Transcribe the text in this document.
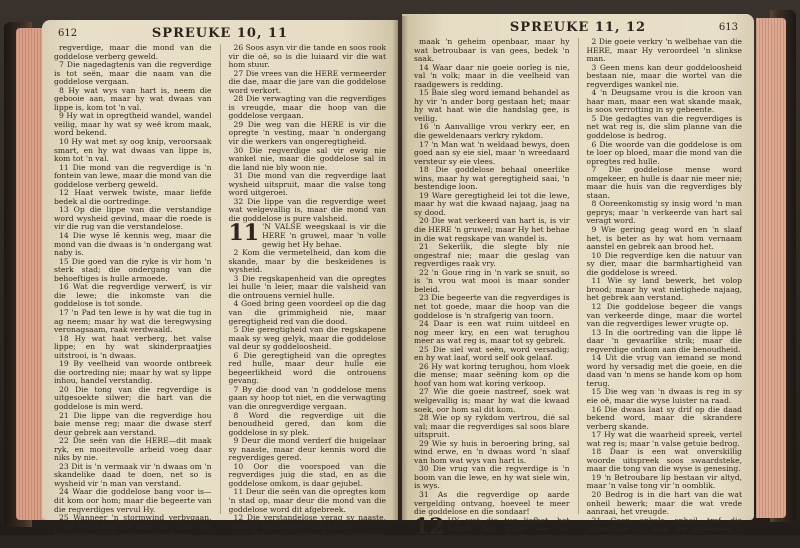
612	SPREUKE 10, 11

regverdige, maar die mond van die goddelose verberg geweld.

7 Die nagedagtenis van die regverdige is tot seën, maar die naam van die goddelose vergaan.

8 Hy wat wys van hart is, neem die gebooie aan, maar hy wat dwaas van lippe is, kom tot 'n val.

9 Hy wat in opregtheid wandel, wandel veilig, maar hy wat sy weë krom maak, word bekend.

10 Hy wat met sy oog knip, veroorsaak smart, en hy wat dwaas van lippe is, kom tot 'n val.

11 Die mond van die regverdige is 'n fontein van lewe, maar die mond van die goddelose verberg geweld.

12 Haat verwek twiste, maar liefde bedek al die oortredinge.

13 Op die lippe van die verstandige word wysheid gevind, maar die roede is vir die rug van die verstandelose.

14 Die wyse lê kennis weg, maar die mond van die dwaas is 'n ondergang wat naby is.

15 Die goed van die ryke is vir hom 'n sterk stad; die ondergang van die behoeftiges is hulle armoede.

16 Wat die regverdige verwerf, is vir die lewe; die inkomste van die goddelose is tot sonde.

17 'n Pad ten lewe is hy wat die tug in ag neem; maar hy wat die teregwysing veronagsaam, raak verdwaald.

18 Hy wat haat verberg, het valse lippe; en hy wat skinderpraatjies uitstrooi, is 'n dwaas.

19 By veelheid van woorde ontbreek die oortreding nie; maar hy wat sy lippe inhou, handel verstandig.

20 Die tong van die regverdige is uitgesoekte silwer; die hart van die goddelose is min werd.

21 Die lippe van die regverdige hou baie mense reg; maar die dwase sterf deur gebrek aan verstand.

22 Die seën van die HERE—dit maak ryk, en moeitevolle arbeid voeg daar niks by nie.

23 Dit is 'n vermaak vir 'n dwaas om 'n skandelike daad te doen, net so is wysheid vir 'n man van verstand.

24 Waar die goddelose bang voor is—dit kom oor hom; maar die begeerte van die regverdiges vervul Hy.

25 Wanneer 'n stormwind verbygaan, is die goddelose nie meer nie; maar die regverdige is vir ewig gegrondves.

26 Soos asyn vir die tande en soos rook vir die oë, so is die luiaard vir die wat hom stuur.

27 Die vrees van die HERE vermeerder die dae, maar die jare van die goddelose word verkort.

28 Die verwagting van die regverdiges is vreugde, maar die hoop van die goddelose vergaan.

29 Die weg van die HERE is vir die opregte 'n vesting, maar 'n ondergang vir die werkers van ongeregtigheid.

30 Die regverdige sal vir ewig nie wankel nie, maar die goddelose sal in die land nie bly woon nie.

31 Die mond van die regverdige laat wysheid uitspruit, maar die valse tong word uitgeroei.

32 Die lippe van die regverdige weet wat welgevallig is, maar die mond van die goddelose is pure valsheid.

11 'N VALSE weegskaal is vir die HERE 'n gruwel, maar 'n volle gewig het Hy behae.

2 Kom die vermetelheid, dan kom die skande, maar by die beskeidenes is wysheid.

3 Die regskapenheid van die opregtes lei hulle 'n leier, maar die valsheid van die ontrouens verniel hulle.

4 Goed bring geen voordeel op die dag van die grimmigheid nie, maar geregtigheid red van die dood.

5 Die geregtigheid van die regskapene maak sy weg gelyk, maar die goddelose val deur sy goddeloosheid.

6 Die geregtigheid van die opregtes red hulle, maar deur hulle eie begeerlikheid word die ontrouens gevang.

7 By die dood van 'n goddelose mens gaan sy hoop tot niet, en die verwagting van die onregverdige vergaan.

8 Word die regverdige uit die benoudheid gered, dan kom die goddelose in sy plek.

9 Deur die mond verderf die huigelaar sy naaste, maar deur kennis word die regverdiges gered.

10 Oor die voorspoed van die regverdiges juig die stad, en as die goddelose omkom, is daar gejubel.

11 Deur die seën van die opregtes kom 'n stad op, maar deur die mond van die goddelose word dit afgebreek.

12 Die verstandelose verag sy naaste, maar 'n verstandige man bly stil.

13 Die wat met kwaadspreekery omgaan

SPREUKE 11, 12	613

maak 'n geheim openbaar, maar hy wat betroubaar is van gees, bedek 'n saak.

14 Waar daar nie goeie oorleg is nie, val 'n volk; maar in die veelheid van raadgewers is redding.

15 Baie sleg word iemand behandel as hy vir 'n ander borg gestaan het; maar hy wat haat wie die handslag gee, is veilig.

16 'n Aanvallige vrou verkry eer, en die geweldenaars verkry rykdom.

17 'n Man wat 'n weldaad bewys, doen goed aan sy eie siel, maar 'n wreedaard versteur sy eie vlees.

18 Die goddelose behaal oneerlike wins, maar hy wat geregtigheid saai, 'n bestendige loon.

19 Ware geregtigheid lei tot die lewe, maar hy wat die kwaad najaag, jaag na sy dood.

20 Die wat verkeerd van hart is, is vir die HERE 'n gruwel; maar Hy het behae in die wat regskape van wandel is.

21 Sekerlik, die slegte bly nie ongestraf nie; maar die geslag van regverdiges raak vry.

22 'n Goue ring in 'n vark se snuit, so is 'n vrou wat mooi is maar sonder beleid.

23 Die begeerte van die regverdiges is net tot goede, maar die hoop van die goddelose is 'n strafgerig van toorn.

24 Daar is een wat ruim uitdeel en nog meer kry, en een wat terughou meer as wat reg is, maar tot sy gebrek.

25 Die siel wat seën, word versadig; en hy wat laaf, word self ook gelaaf.

26 Hy wat koring terughou, hom vloek die mense; maar seëning kom op die hoof van hom wat koring verkoop.

27 Wie die goeie nastreef, soek wat welgevallig is; maar hy wat die kwaad soek, oor hom sal dit kom.

28 Wie op sy rykdom vertrou, dié sal val; maar die regverdiges sal soos blare uitspruit.

29 Wie sy huis in beroering bring, sal wind erwe, en 'n dwaas word 'n slaaf van hom wat wys van hart is.

30 Die vrug van die regverdige is 'n boom van die lewe, en hy wat siele win, is wys.

31 As die regverdige op aarde vergelding ontvang, hoeveel te meer die goddelose en die sondaar!

12 HY wat die tug liefhet, het kennis lief; maar wie die teregwysing haat, is dom.

2 Die goeie verkry 'n welbehae van die HERE, maar Hy veroordeel 'n slinkse man.

3 Geen mens kan deur goddeloosheid bestaan nie, maar die wortel van die regverdiges wankel nie.

4 'n Deugsame vrou is die kroon van haar man, maar een wat skande maak, is soos verrotting in sy gebeente.

5 Die gedagtes van die regverdiges is net wat reg is, die slim planne van die goddelose is bedrog.

6 Die woorde van die goddelose is om te loer op bloed, maar die mond van die opregtes red hulle.

7 Die goddelose mense word omgekeer, en hulle is daar nie meer nie; maar die huis van die regverdiges bly staan.

8 Ooreenkomstig sy insig word 'n man geprys; maar 'n verkeerde van hart sal veragt word.

9 Wie gering geag word en 'n slaaf het, is beter as hy wat hom vernaam aanstel en gebrek aan brood het.

10 Die regverdige ken die natuur van sy dier, maar die barmhartigheid van die goddelose is wreed.

11 Wie sy land bewerk, het volop brood; maar hy wat nietighede najaag, het gebrek aan verstand.

12 Die goddelose begeer die vangs van verkeerde dinge, maar die wortel van die regverdiges lewer vrugte op.

13 In die oortreding van die lippe lê daar 'n gevaarlike strik; maar die regverdige ontkom aan die benoudheid.

14 Uit die vrug van iemand se mond word hy versadig met die goeie, en die daad van 'n mens se hande kom op hom terug.

15 Die weg van 'n dwaas is reg in sy eie oë, maar die wyse luister na raad.

16 Die dwaas laat sy drif op die daad bekend word, maar die skrandere verberg skande.

17 Hy wat die waarheid spreek, vertel wat reg is; maar 'n valse getuie bedrog.

18 Daar is een wat onverskillig woorde uitspreek soos swaardsteke, maar die tong van die wyse is genesing.

19 'n Betroubare lip bestaan vir altyd, maar 'n valse tong vir 'n oomblik.

20 Bedrog is in die hart van die wat onheil bewerk; maar die wat vrede aanraai, het vreugde.

21 Geen enkele onheil tref die regverdige nie, maar die goddelose is vol onheil.
